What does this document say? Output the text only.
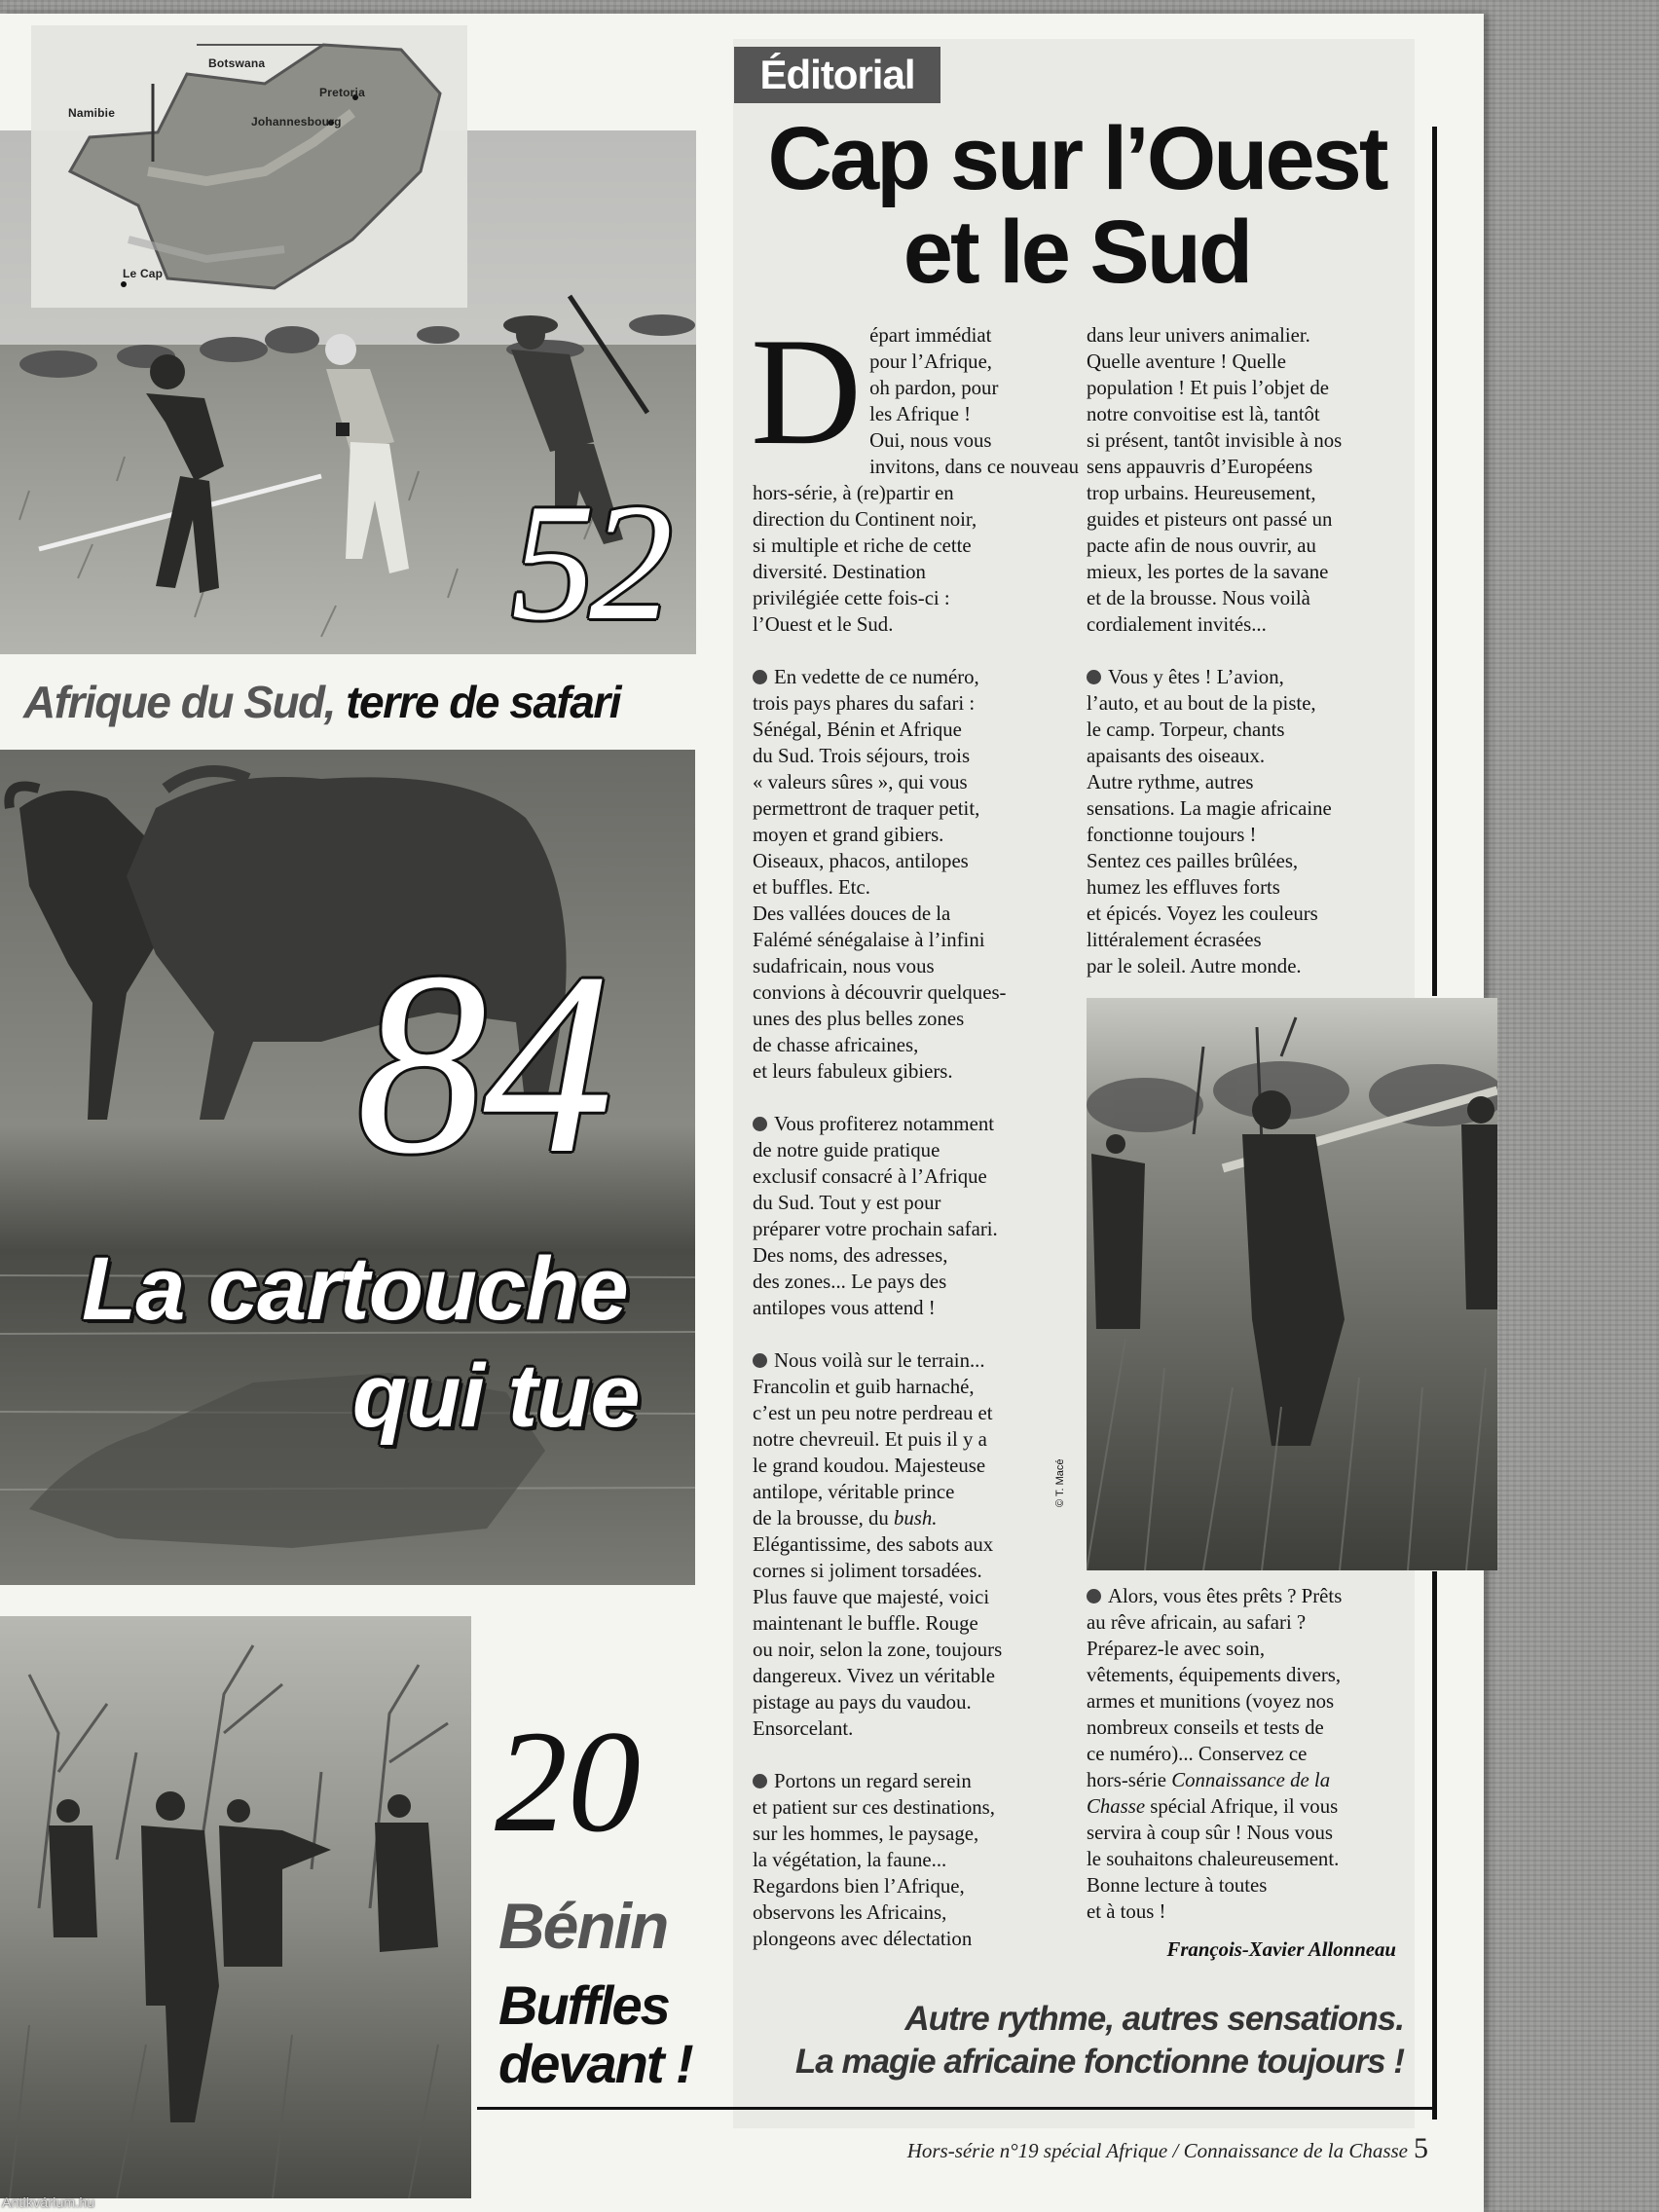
Botswana
Namibie
Pretoria
Johannesbourg
Le Cap
52
Afrique du Sud, terre de safari
84
La cartouche
qui tue
20
Bénin
Buffles
devant !
Éditorial
Cap sur l’Ouest
et le Sud

D épart immédiat
pour l’Afrique,
oh pardon, pour
les Afrique !
Oui, nous vous
invitons, dans ce nouveau
hors-série, à (re)partir en
direction du Continent noir,
si multiple et riche de cette
diversité. Destination
privilégiée cette fois-ci :
l’Ouest et le Sud.

En vedette de ce numéro,
trois pays phares du safari :
Sénégal, Bénin et Afrique
du Sud. Trois séjours, trois
« valeurs sûres », qui vous
permettront de traquer petit,
moyen et grand gibiers.
Oiseaux, phacos, antilopes
et buffles. Etc.
Des vallées douces de la
Falémé sénégalaise à l’infini
sudafricain, nous vous
convions à découvrir quelques-
unes des plus belles zones
de chasse africaines,
et leurs fabuleux gibiers.

Vous profiterez notamment
de notre guide pratique
exclusif consacré à l’Afrique
du Sud. Tout y est pour
préparer votre prochain safari.
Des noms, des adresses,
des zones... Le pays des
antilopes vous attend !

Nous voilà sur le terrain...
Francolin et guib harnaché,
c’est un peu notre perdreau et
notre chevreuil. Et puis il y a
le grand koudou. Majesteuse
antilope, véritable prince
de la brousse, du bush.
Elégantissime, des sabots aux
cornes si joliment torsadées.
Plus fauve que majesté, voici
maintenant le buffle. Rouge
ou noir, selon la zone, toujours
dangereux. Vivez un véritable
pistage au pays du vaudou.
Ensorcelant.

Portons un regard serein
et patient sur ces destinations,
sur les hommes, le paysage,
la végétation, la faune...
Regardons bien l’Afrique,
observons les Africains,
plongeons avec délectation

dans leur univers animalier.
Quelle aventure ! Quelle
population ! Et puis l’objet de
notre convoitise est là, tantôt
si présent, tantôt invisible à nos
sens appauvris d’Européens
trop urbains. Heureusement,
guides et pisteurs ont passé un
pacte afin de nous ouvrir, au
mieux, les portes de la savane
et de la brousse. Nous voilà
cordialement invités...

Vous y êtes ! L’avion,
l’auto, et au bout de la piste,
le camp. Torpeur, chants
apaisants des oiseaux.
Autre rythme, autres
sensations. La magie africaine
fonctionne toujours !
Sentez ces pailles brûlées,
humez les effluves forts
et épicés. Voyez les couleurs
littéralement écrasées
par le soleil. Autre monde.

© T. Macé

Alors, vous êtes prêts ? Prêts
au rêve africain, au safari ?
Préparez-le avec soin,
vêtements, équipements divers,
armes et munitions (voyez nos
nombreux conseils et tests de
ce numéro)... Conservez ce
hors-série Connaissance de la
Chasse spécial Afrique, il vous
servira à coup sûr ! Nous vous
le souhaitons chaleureusement.
Bonne lecture à toutes
et à tous !

François-Xavier Allonneau
Autre rythme, autres sensations.
La magie africaine fonctionne toujours !
Hors-série n°19 spécial Afrique / Connaissance de la Chasse 5
Antikvárium.hu
